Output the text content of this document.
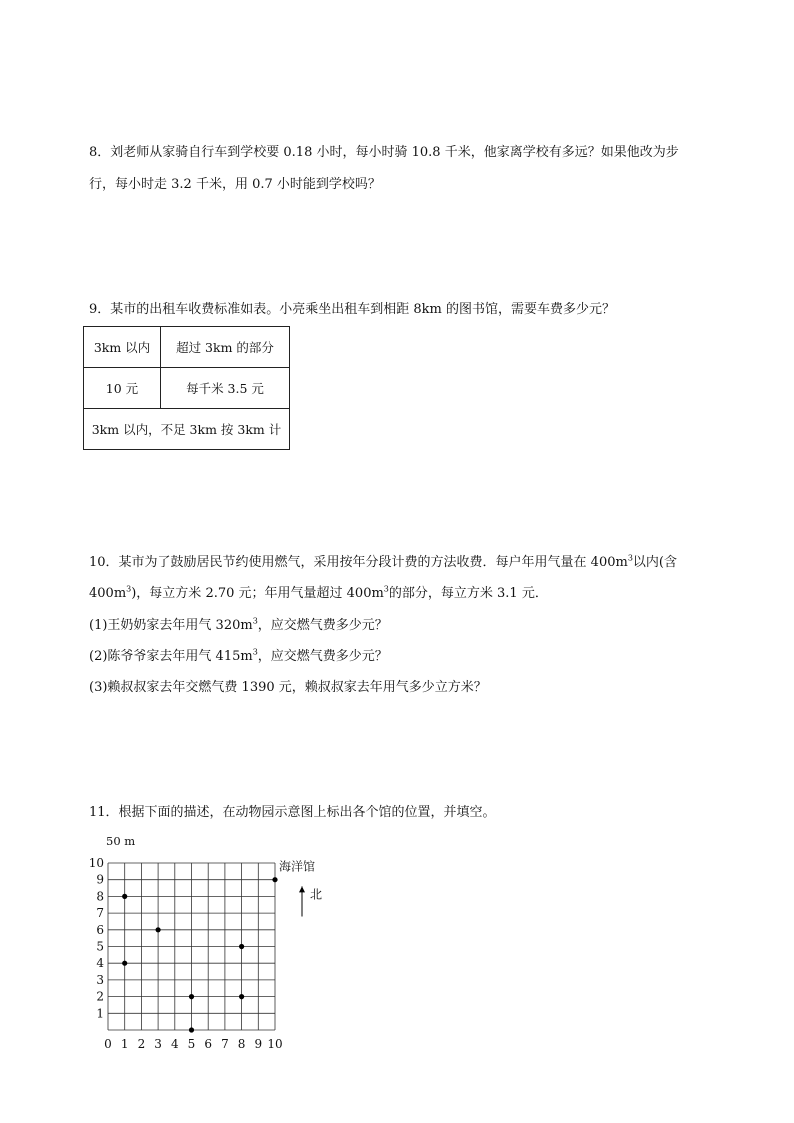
8．刘老师从家骑自行车到学校要 0.18 小时，每小时骑 10.8 千米，他家离学校有多远？如果他改为步
行，每小时走 3.2 千米，用 0.7 小时能到学校吗？
9．某市的出租车收费标准如表。小亮乘坐出租车到相距 8km 的图书馆，需要车费多少元？
3km 以内	超过 3km 的部分
10 元	每千米 3.5 元
3km 以内，不足 3km 按 3km 计	
10．某市为了鼓励居民节约使用燃气，采用按年分段计费的方法收费．每户年用气量在 $400m^3$以内(含
$400m^3$)，每立方米 2.70 元；年用气量超过 $400m^3$的部分，每立方米 3.1 元．
(1)王奶奶家去年用气 $320m^3$，应交燃气费多少元？
(2)陈爷爷家去年用气 $415m^3$，应交燃气费多少元？
(3)赖叔叔家去年交燃气费 1390 元，赖叔叔家去年用气多少立方米？
11．根据下面的描述，在动物园示意图上标出各个馆的位置，并填空。
50 m
0 1 2 3 4 5 6 7 8 9 10
1
2
3
4
5
6
7
8
9
10	海洋馆
北
